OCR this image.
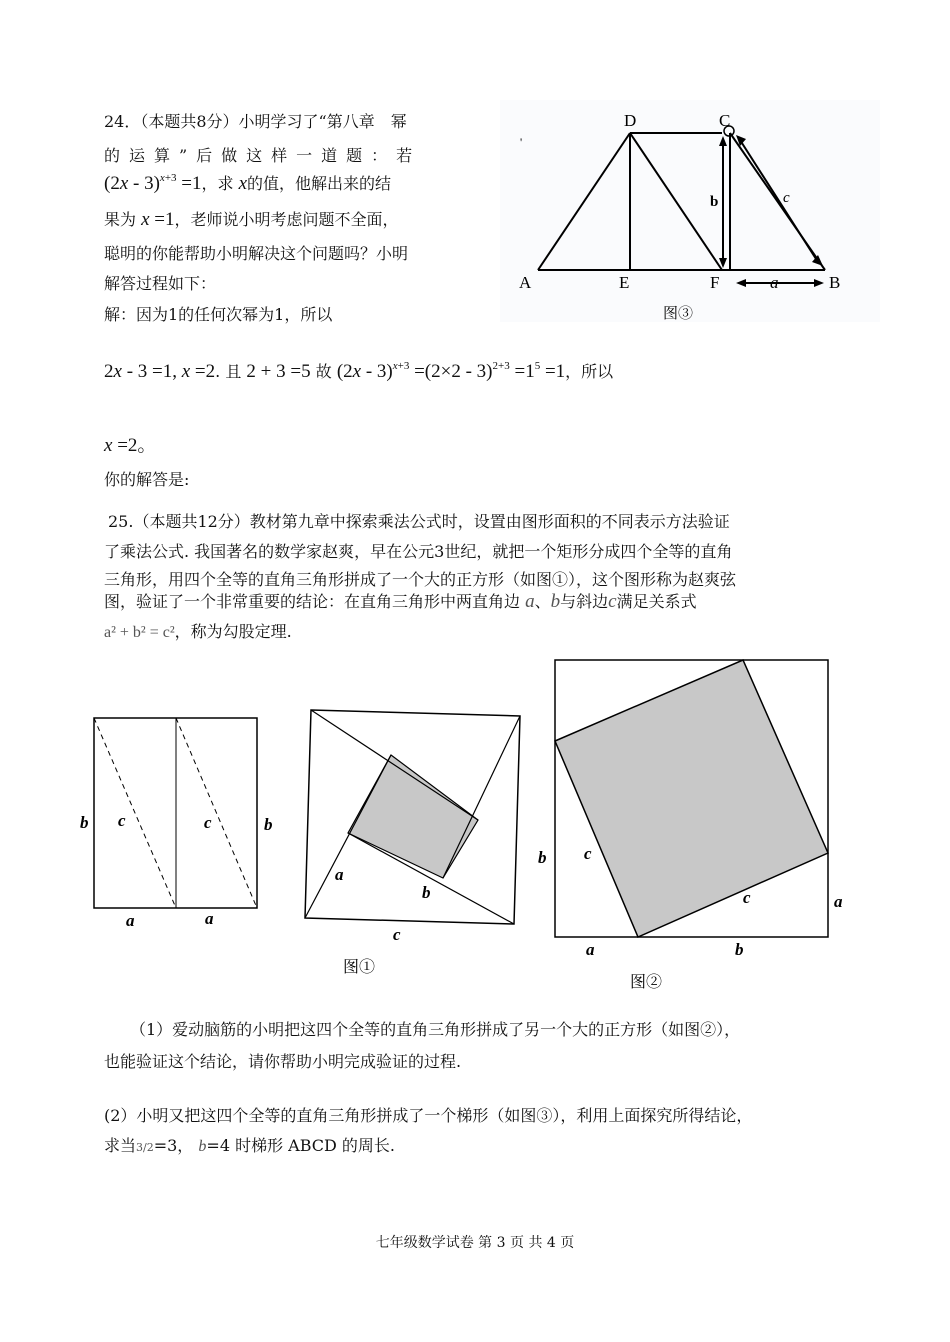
24．（本题共8分）小明学习了“第八章　幂
的运算”后做这样一道题：若
(2x - 3)$^{x+3}$ =1，求 x的值，他解出来的结
果为 x =1，老师说小明考虑问题不全面，
聪明的你能帮助小明解决这个问题吗？小明
解答过程如下：
解：因为1的任何次幂为1，所以
2x - 3 =1, x =2. 且 2 + 3 =5 故 $(2x - 3)^{x+3} =(2\times 2 - 3)^{2+3} =1^5 =1$，所以
x =2。
你的解答是:
A	E	F	B
D	C
b	c
a
图③
'
25.（本题共12分）教材第九章中探索乘法公式时，设置由图形面积的不同表示方法验证
了乘法公式. 我国著名的数学家赵爽，早在公元3世纪，就把一个矩形分成四个全等的直角
三角形，用四个全等的直角三角形拼成了一个大的正方形（如图①），这个图形称为赵爽弦
图，验证了一个非常重要的结论：在直角三角形中两直角边 a、b与斜边c满足关系式
a² + b² = c²，称为勾股定理.
b	b
c	c
a	a
a
b
c
图①
b c
c	a
a	b
图②
（1）爱动脑筋的小明把这四个全等的直角三角形拼成了另一个大的正方形（如图②），
也能验证这个结论，请你帮助小明完成验证的过程.
(2）小明又把这四个全等的直角三角形拼成了一个梯形（如图③），利用上面探究所得结论，
求当3/2=3， b=4 时梯形 ABCD 的周长.
七年级数学试卷 第 3 页 共 4 页
